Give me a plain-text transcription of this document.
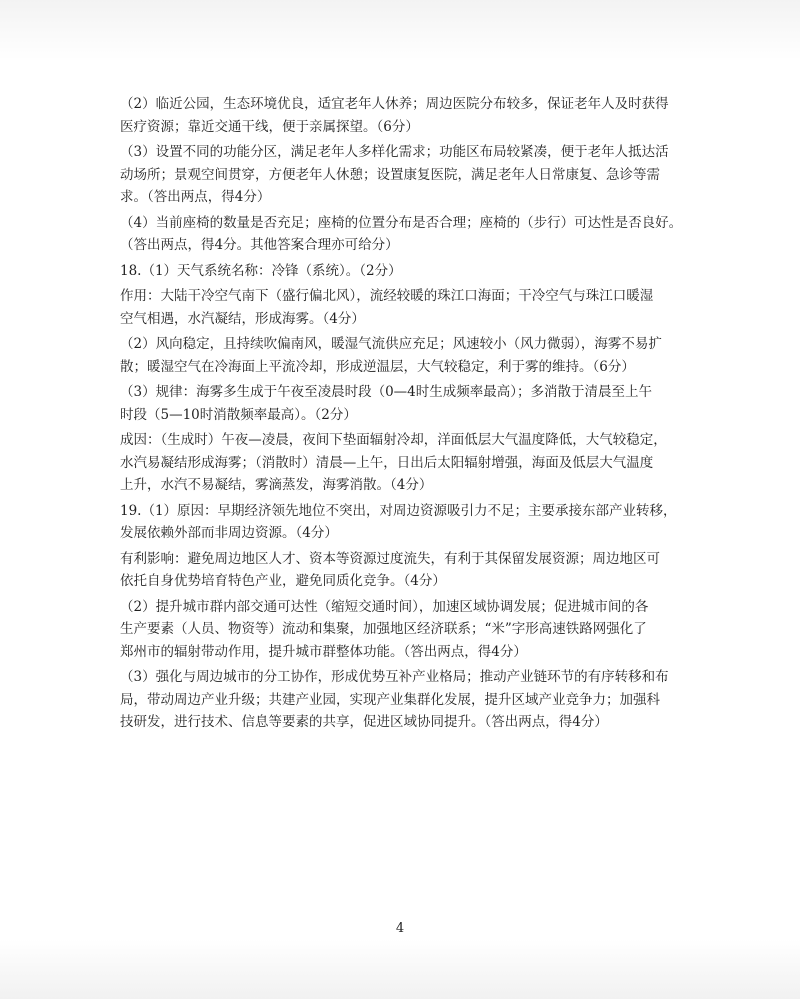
（2）临近公园，生态环境优良，适宜老年人休养；周边医院分布较多，保证老年人及时获得
医疗资源；靠近交通干线，便于亲属探望。（6分）
（3）设置不同的功能分区，满足老年人多样化需求；功能区布局较紧凑，便于老年人抵达活
动场所；景观空间贯穿，方便老年人休憩；设置康复医院，满足老年人日常康复、急诊等需
求。（答出两点，得4分）
（4）当前座椅的数量是否充足；座椅的位置分布是否合理；座椅的（步行）可达性是否良好。
（答出两点，得4分。其他答案合理亦可给分）
18.（1）天气系统名称：冷锋（系统）。（2分）
作用：大陆干冷空气南下（盛行偏北风），流经较暖的珠江口海面；干冷空气与珠江口暖湿
空气相遇，水汽凝结，形成海雾。（4分）
（2）风向稳定，且持续吹偏南风，暖湿气流供应充足；风速较小（风力微弱），海雾不易扩
散；暖湿空气在冷海面上平流冷却，形成逆温层，大气较稳定，利于雾的维持。（6分）
（3）规律：海雾多生成于午夜至凌晨时段（0—4时生成频率最高）；多消散于清晨至上午
时段（5—10时消散频率最高）。（2分）
成因：（生成时）午夜—凌晨，夜间下垫面辐射冷却，洋面低层大气温度降低，大气较稳定，
水汽易凝结形成海雾；（消散时）清晨—上午，日出后太阳辐射增强，海面及低层大气温度
上升，水汽不易凝结，雾滴蒸发，海雾消散。（4分）
19.（1）原因：早期经济领先地位不突出，对周边资源吸引力不足；主要承接东部产业转移，
发展依赖外部而非周边资源。（4分）
有利影响：避免周边地区人才、资本等资源过度流失，有利于其保留发展资源；周边地区可
依托自身优势培育特色产业，避免同质化竞争。（4分）
（2）提升城市群内部交通可达性（缩短交通时间），加速区域协调发展；促进城市间的各
生产要素（人员、物资等）流动和集聚，加强地区经济联系；“米”字形高速铁路网强化了
郑州市的辐射带动作用，提升城市群整体功能。（答出两点，得4分）
（3）强化与周边城市的分工协作，形成优势互补产业格局；推动产业链环节的有序转移和布
局，带动周边产业升级；共建产业园，实现产业集群化发展，提升区域产业竞争力；加强科
技研发，进行技术、信息等要素的共享，促进区域协同提升。（答出两点，得4分）
4
